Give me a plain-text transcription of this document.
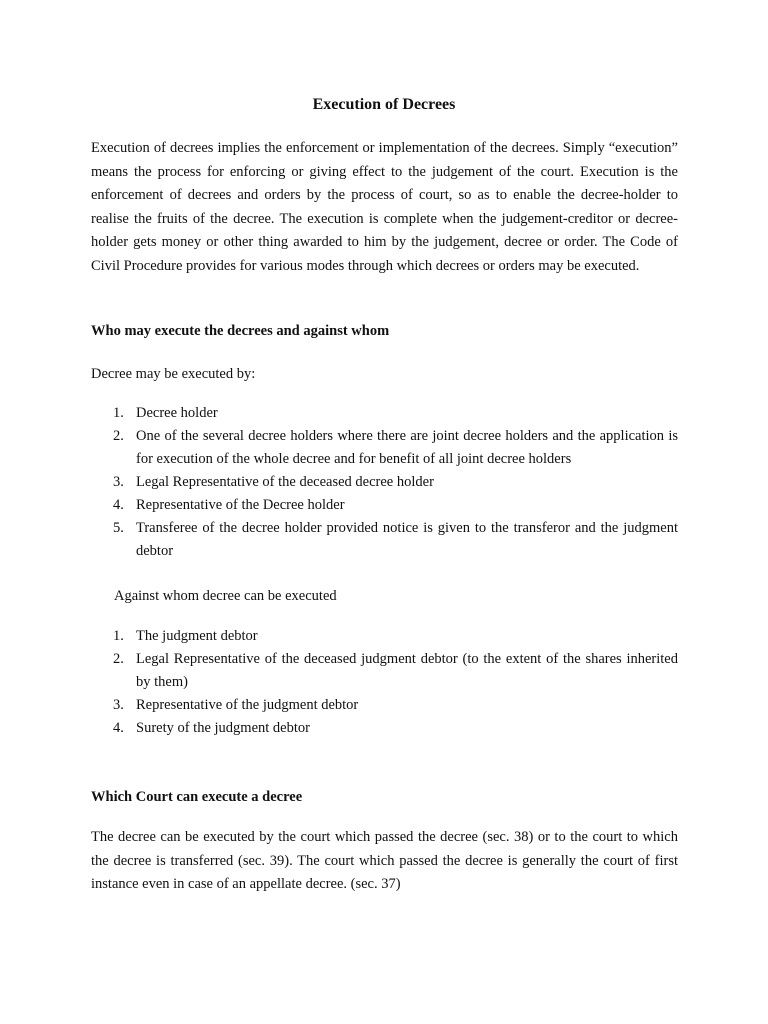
Execution of Decrees

Execution of decrees implies the enforcement or implementation of the decrees. Simply “execution” means the process for enforcing or giving effect to the judgement of the court. Execution is the enforcement of decrees and orders by the process of court, so as to enable the decree-holder to realise the fruits of the decree. The execution is complete when the judgement-creditor or decree-holder gets money or other thing awarded to him by the judgement, decree or order. The Code of Civil Procedure provides for various modes through which decrees or orders may be executed.

Who may execute the decrees and against whom

Decree may be executed by:

1. Decree holder
2. One of the several decree holders where there are joint decree holders and the application is for execution of the whole decree and for benefit of all joint decree holders
3. Legal Representative of the deceased decree holder
4. Representative of the Decree holder
5. Transferee of the decree holder provided notice is given to the transferor and the judgment debtor

Against whom decree can be executed

1. The judgment debtor
2. Legal Representative of the deceased judgment debtor (to the extent of the shares inherited by them)
3. Representative of the judgment debtor
4. Surety of the judgment debtor
Which Court can execute a decree

The decree can be executed by the court which passed the decree (sec. 38) or to the court to which the decree is transferred (sec. 39). The court which passed the decree is generally the court of first instance even in case of an appellate decree. (sec. 37)
